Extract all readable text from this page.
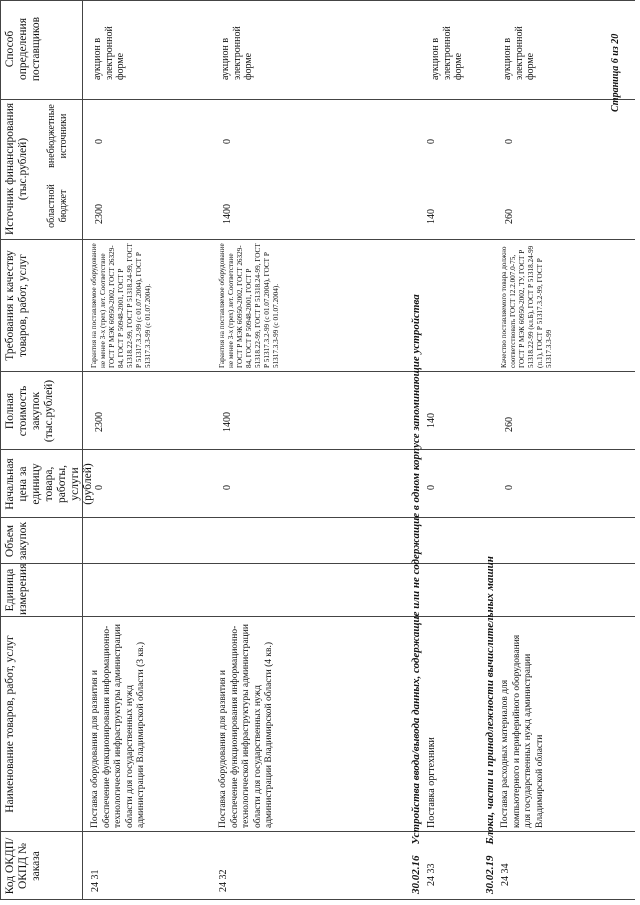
Код ОКДП/ ОКПД № заказа
Наименование товаров, работ, услуг
Единица измерения
Объем закупок
Начальная цена за единицу товара, работы, услуги (рублей)
Полная стоимость закупок (тыс.рублей)
Требования к качеству товаров, работ, услуг
Источник финансирования (тыс.рублей)
областной бюджет
внебюджетные источники
Способ определения поставщиков
24 31
Поставка оборудования для развития и обеспечение функционирования информационно-технологической инфраструктуры администрации области для государственных нужд администрации Владимирской области (3 кв.)
0
2300
Гарантия на поставляемое оборудование не менее 3-х (трех) лет. Соответствие ГОСТ Р МЭК 60950-2002, ГОСТ 26329-84, ГОСТ Р 50948-2001, ГОСТ Р 51318.22-99, ГОСТ Р 51318.24-99, ГОСТ Р 51317.3.2-99 (с 01.07.2004), ГОСТ Р 51317.3.3-99 (с 01.07.2004).
2300
0
аукцион в электронной форме
24 32
Поставка оборудования для развития и обеспечение функционирования информационно-технологической инфраструктуры администрации области для государственных нужд администрации Владимирской области (4 кв.)
0
1400
Гарантия на поставляемое оборудование не менее 3-х (трех) лет. Соответствие ГОСТ Р МЭК 60950-2002, ГОСТ 26329-84, ГОСТ Р 50948-2001, ГОСТ Р 51318.22-99, ГОСТ Р 51318.24-99, ГОСТ Р 51317.3.2-99 (с 01.07.2004), ГОСТ Р 51317.3.3-99 (с 01.07.2004).
1400
0
аукцион в электронной форме
30.02.16    Устройства ввода/вывода данных, содержащие или не содержащие в одном корпусе запоминающие устройства
24 33
Поставка оргтехники
0
140
140
0
аукцион в электронной форме
30.02.19    Блоки, части и принадлежности вычислительных машин
24 34
Поставка расходных материалов для компьютерного и периферийного оборудования для государственных нужд администрации Владимирской области
0
260
Качество поставляемого товара должно соответствовать ГОСТ 12.2.007.0-75, ГОСТ Р МЭК 60950-2002, ТУ, ГОСТ Р 51318.22-99 (кл.Б), ГОСТ Р 51318.24-99 (п.1), ГОСТ Р 51317.3.2-99, ГОСТ Р 51317.3.3-99
260
0
аукцион в электронной форме	Страница 6 из 20
